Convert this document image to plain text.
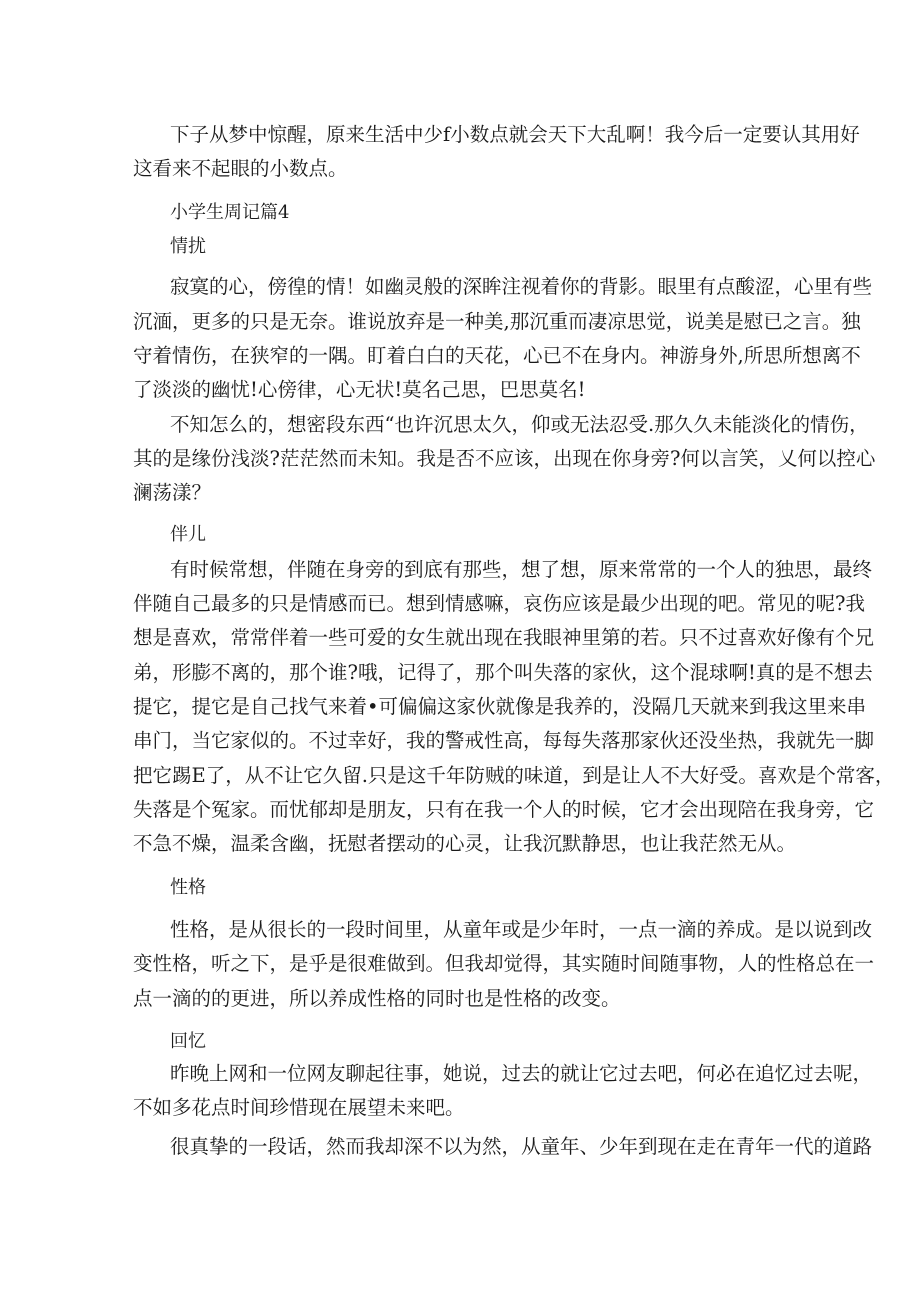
下子从梦中惊醒，原来生活中少f小数点就会天下大乱啊！我今后一定要认其用好
这看来不起眼的小数点。
小学生周记篇4
情扰
寂寞的心，傍徨的情！如幽灵般的深眸注视着你的背影。眼里有点酸涩，心里有些
沉湎，更多的只是无奈。谁说放弃是一种美,那沉重而凄凉思觉，说美是慰已之言。独
守着情伤，在狭窄的一隅。盯着白白的天花，心已不在身内。神游身外,所思所想离不
了淡淡的幽忧!心傍律，心无状!莫名己思，巴思莫名!
不知怎么的，想密段东西“也许沉思太久，仰或无法忍受.那久久未能淡化的情伤，
其的是缘份浅淡?茫茫然而未知。我是否不应该，出现在你身旁?何以言笑，乂何以控心
澜荡漾？
伴儿
有时候常想，伴随在身旁的到底有那些，想了想，原来常常的一个人的独思，最终
伴随自己最多的只是情感而已。想到情感嘛，哀伤应该是最少出现的吧。常见的呢?我
想是喜欢，常常伴着一些可爱的女生就出现在我眼神里第的若。只不过喜欢好像有个兄
弟，形膨不离的，那个谁?哦，记得了，那个叫失落的家伙，这个混球啊!真的是不想去
提它，提它是自己找气来着•可偏偏这家伙就像是我养的，没隔几天就来到我这里来串
串门，当它家似的。不过幸好，我的警戒性高，每每失落那家伙还没坐热，我就先一脚
把它踢E了，从不让它久留.只是这千年防贼的味道，到是让人不大好受。喜欢是个常客，
失落是个冤家。而忧郁却是朋友，只有在我一个人的时候，它才会出现陪在我身旁，它
不急不燥，温柔含幽，抚慰者摆动的心灵，让我沉默静思，也让我茫然无从。
性格
性格，是从很长的一段时间里，从童年或是少年时，一点一滴的养成。是以说到改
变性格，听之下，是乎是很难做到。但我却觉得，其实随时间随事物，人的性格总在一
点一滴的的更进，所以养成性格的同时也是性格的改变。
回忆
昨晚上网和一位网友聊起往事，她说，过去的就让它过去吧，何必在追忆过去呢，
不如多花点时间珍惜现在展望未来吧。
很真挚的一段话，然而我却深不以为然，从童年、少年到现在走在青年一代的道路
